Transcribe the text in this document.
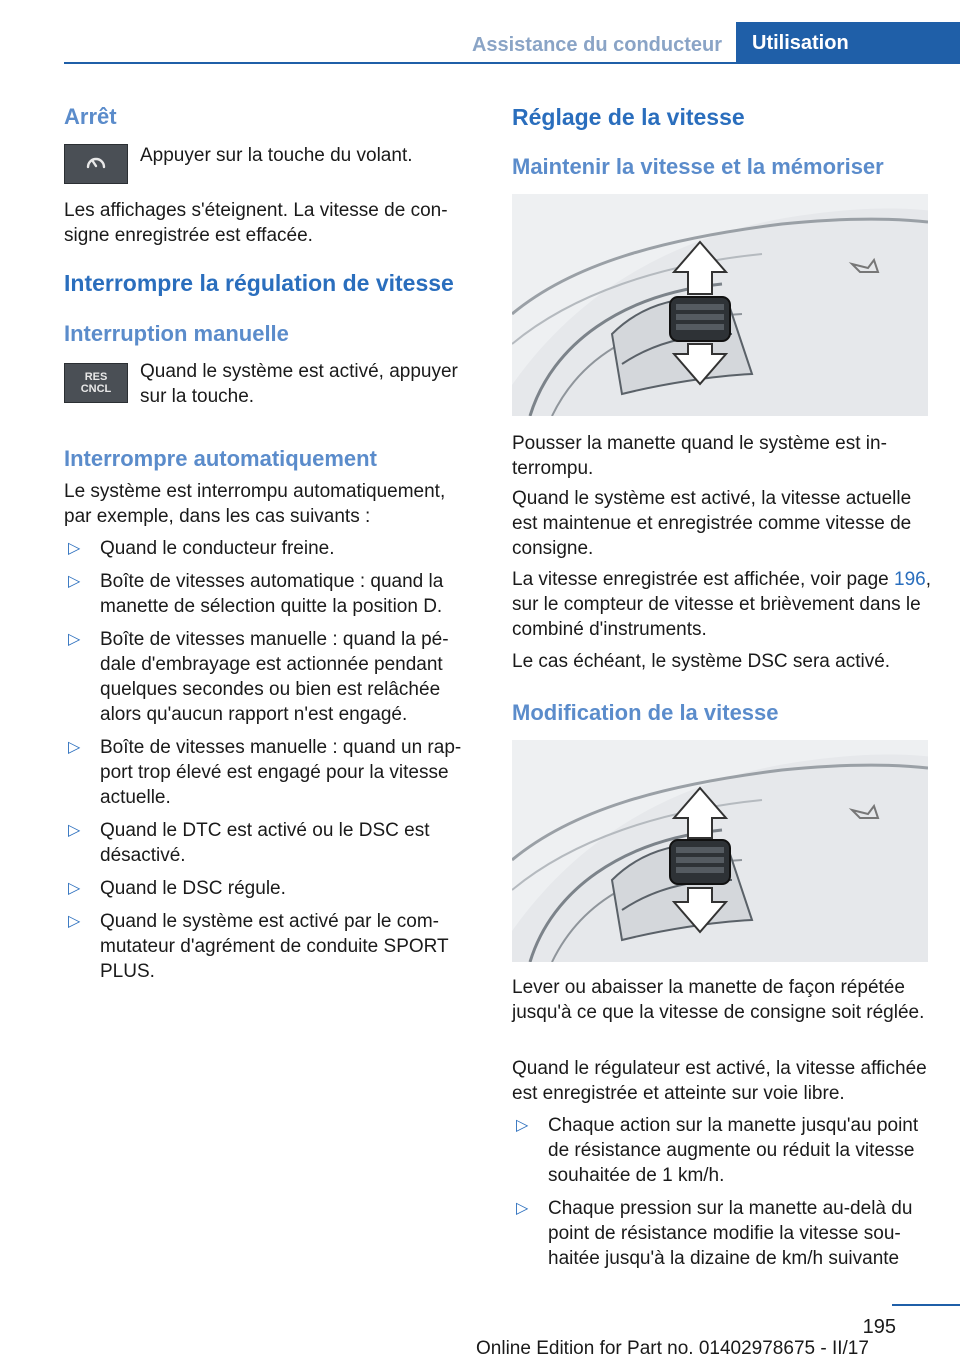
Assistance du conducteur	Utilisation
Arrêt
Appuyer sur la touche du volant.
Les affichages s'éteignent. La vitesse de consigne enregistrée est effacée.
Interrompre la régulation de vitesse
Interruption manuelle
RES
CNCL
Quand le système est activé, appuyer sur la touche.
Interrompre automatiquement
Le système est interrompu automatiquement, par exemple, dans les cas suivants :
▷ Quand le conducteur freine.
▷ Boîte de vitesses automatique : quand la manette de sélection quitte la position D.
▷ Boîte de vitesses manuelle : quand la pédale d'embrayage est actionnée pendant quelques secondes ou bien est relâchée alors qu'aucun rapport n'est engagé.
▷ Boîte de vitesses manuelle : quand un rapport trop élevé est engagé pour la vitesse actuelle.
▷ Quand le DTC est activé ou le DSC est désactivé.
▷ Quand le DSC régule.
▷ Quand le système est activé par le commutateur d'agrément de conduite SPORT PLUS.
Réglage de la vitesse
Maintenir la vitesse et la mémoriser
Pousser la manette quand le système est interrompu.
Quand le système est activé, la vitesse actuelle est maintenue et enregistrée comme vitesse de consigne.
La vitesse enregistrée est affichée, voir page 196, sur le compteur de vitesse et brièvement dans le combiné d'instruments.
Le cas échéant, le système DSC sera activé.
Modification de la vitesse
Lever ou abaisser la manette de façon répétée jusqu'à ce que la vitesse de consigne soit réglée.
Quand le régulateur est activé, la vitesse affichée est enregistrée et atteinte sur voie libre.
▷ Chaque action sur la manette jusqu'au point de résistance augmente ou réduit la vitesse souhaitée de 1 km/h.
▷ Chaque pression sur la manette au-delà du point de résistance modifie la vitesse souhaitée jusqu'à la dizaine de km/h suivante
195
Online Edition for Part no. 01402978675 - II/17
